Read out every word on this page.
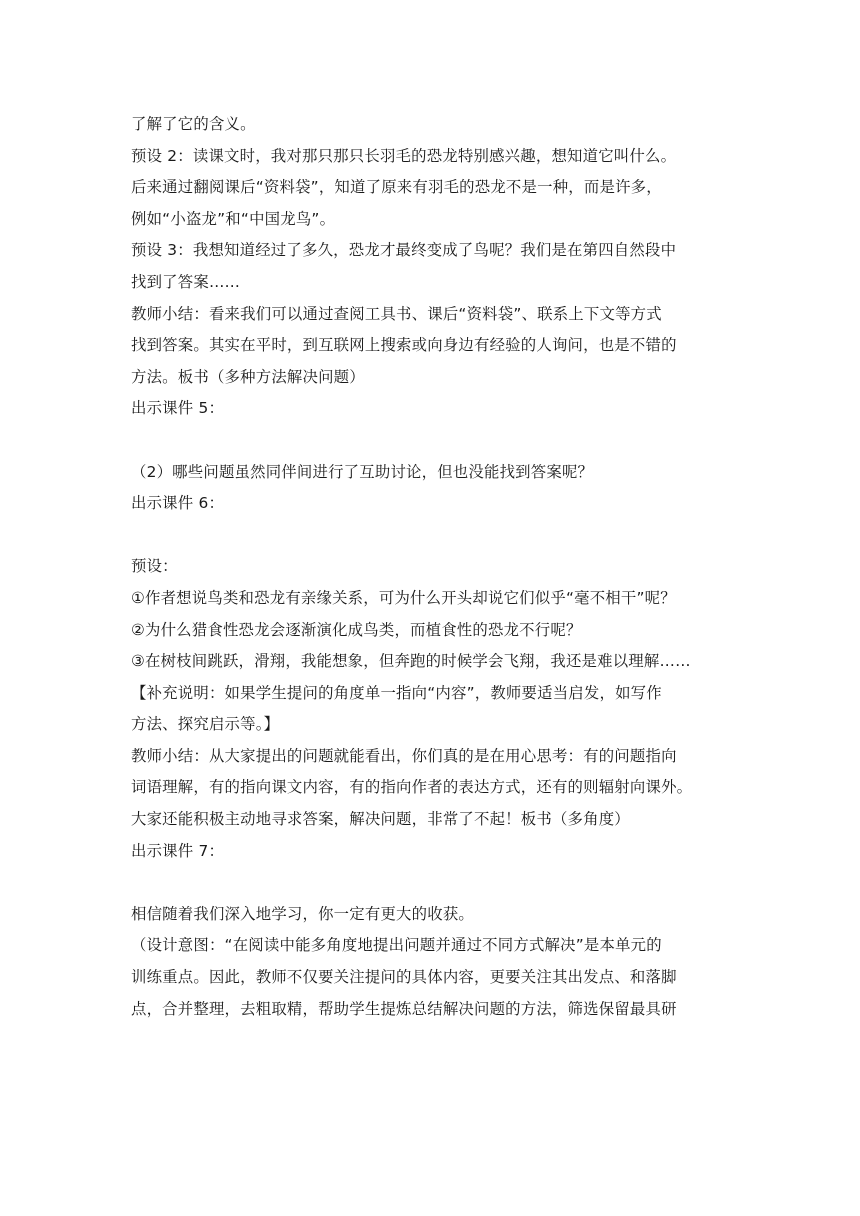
了解了它的含义。
预设 2：读课文时，我对那只那只长羽毛的恐龙特别感兴趣，想知道它叫什么。
后来通过翻阅课后“资料袋”，知道了原来有羽毛的恐龙不是一种，而是许多，
例如“小盗龙”和“中国龙鸟”。
预设 3：我想知道经过了多久，恐龙才最终变成了鸟呢？我们是在第四自然段中
找到了答案……
教师小结：看来我们可以通过查阅工具书、课后“资料袋”、联系上下文等方式
找到答案。其实在平时，到互联网上搜索或向身边有经验的人询问，也是不错的
方法。板书（多种方法解决问题）
出示课件 5：
（2）哪些问题虽然同伴间进行了互助讨论，但也没能找到答案呢？
出示课件 6：
预设：
①作者想说鸟类和恐龙有亲缘关系，可为什么开头却说它们似乎“毫不相干”呢？
②为什么猎食性恐龙会逐渐演化成鸟类，而植食性的恐龙不行呢？
③在树枝间跳跃，滑翔，我能想象，但奔跑的时候学会飞翔，我还是难以理解……
【补充说明：如果学生提问的角度单一指向“内容”，教师要适当启发，如写作
方法、探究启示等。】
教师小结：从大家提出的问题就能看出，你们真的是在用心思考：有的问题指向
词语理解，有的指向课文内容，有的指向作者的表达方式，还有的则辐射向课外。
大家还能积极主动地寻求答案，解决问题，非常了不起！板书（多角度）
出示课件 7：
相信随着我们深入地学习，你一定有更大的收获。
（设计意图：“在阅读中能多角度地提出问题并通过不同方式解决”是本单元的
训练重点。因此，教师不仅要关注提问的具体内容，更要关注其出发点、和落脚
点，合并整理，去粗取精，帮助学生提炼总结解决问题的方法，筛选保留最具研
